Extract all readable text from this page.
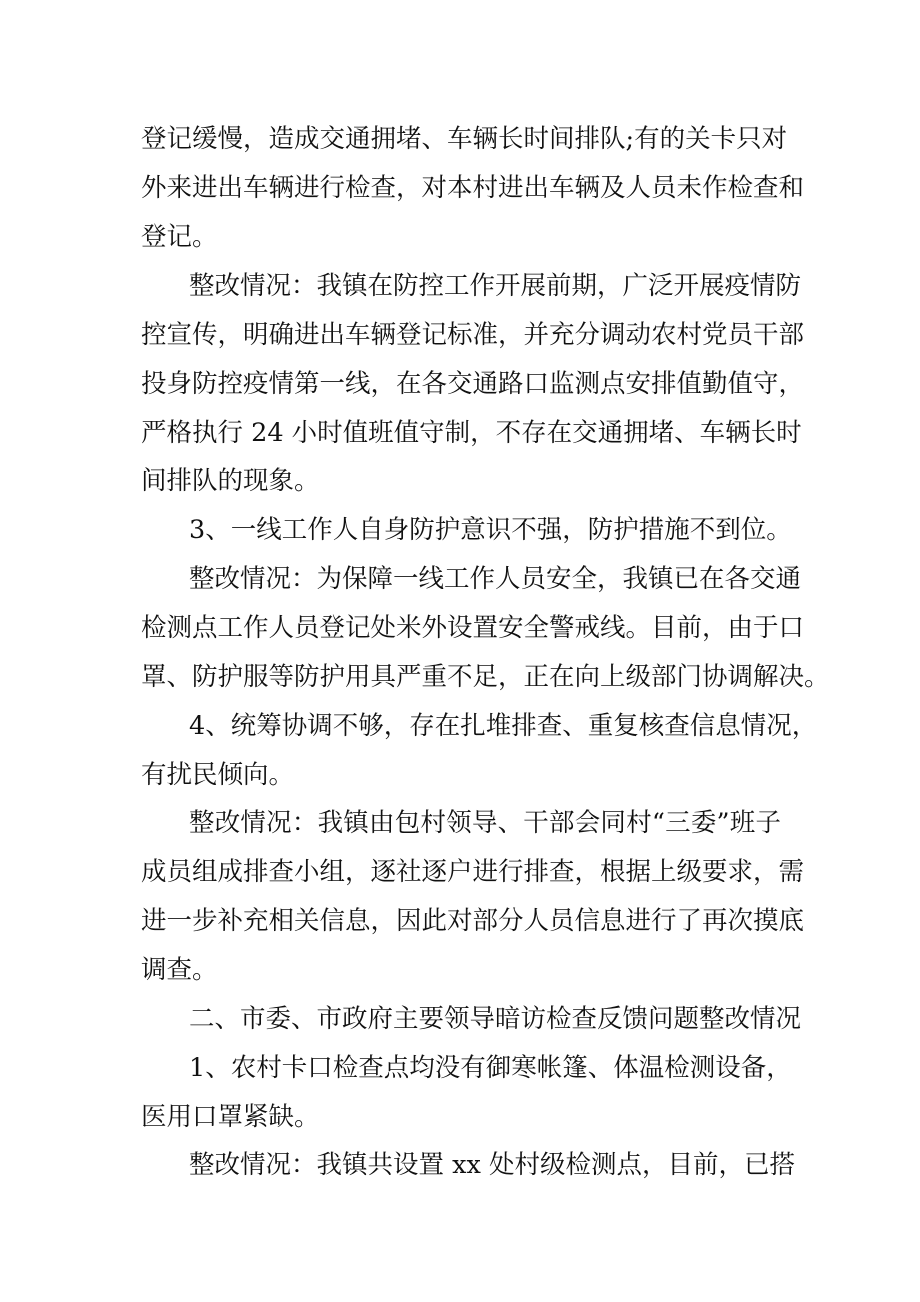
登记缓慢，造成交通拥堵、车辆长时间排队;有的关卡只对
外来进出车辆进行检查，对本村进出车辆及人员未作检查和
登记。
整改情况：我镇在防控工作开展前期，广泛开展疫情防
控宣传，明确进出车辆登记标准，并充分调动农村党员干部
投身防控疫情第一线，在各交通路口监测点安排值勤值守，
严格执行 24 小时值班值守制，不存在交通拥堵、车辆长时
间排队的现象。
3、一线工作人自身防护意识不强，防护措施不到位。
整改情况：为保障一线工作人员安全，我镇已在各交通
检测点工作人员登记处米外设置安全警戒线。目前，由于口
罩、防护服等防护用具严重不足，正在向上级部门协调解决。
4、统筹协调不够，存在扎堆排查、重复核查信息情况，
有扰民倾向。
整改情况：我镇由包村领导、干部会同村“三委”班子
成员组成排查小组，逐社逐户进行排查，根据上级要求，需
进一步补充相关信息，因此对部分人员信息进行了再次摸底
调查。
二、市委、市政府主要领导暗访检查反馈问题整改情况
1、农村卡口检查点均没有御寒帐篷、体温检测设备，
医用口罩紧缺。
整改情况：我镇共设置 xx 处村级检测点，目前，已搭
